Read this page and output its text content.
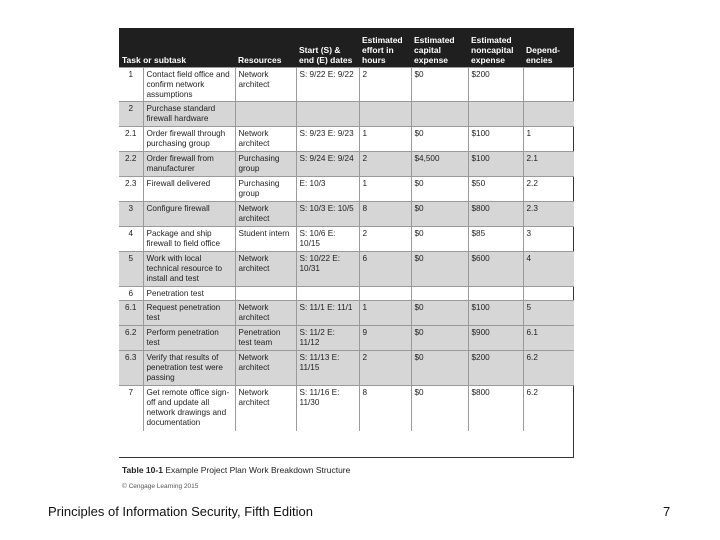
Task or subtask		Resources	Start (S) & end (E) dates	Estimated effort in hours	Estimated capital expense	Estimated noncapital expense	Depend-encies
1	Contact field office and confirm network assumptions	Network architect	S: 9/22 E: 9/22	2	$0	$200	
2	Purchase standard firewall hardware						
2.1	Order firewall through purchasing group	Network architect	S: 9/23 E: 9/23	1	$0	$100	1
2.2	Order firewall from manufacturer	Purchasing group	S: 9/24 E: 9/24	2	$4,500	$100	2.1
2.3	Firewall delivered	Purchasing group	E: 10/3	1	$0	$50	2.2
3	Configure firewall	Network architect	S: 10/3 E: 10/5	8	$0	$800	2.3
4	Package and ship firewall to field office	Student intern	S: 10/6 E: 10/15	2	$0	$85	3
5	Work with local technical resource to install and test	Network architect	S: 10/22 E: 10/31	6	$0	$600	4
6	Penetration test						
6.1	Request penetration test	Network architect	S: 11/1 E: 11/1	1	$0	$100	5
6.2	Perform penetration test	Penetration test team	S: 11/2 E: 11/12	9	$0	$900	6.1
6.3	Verify that results of penetration test were passing	Network architect	S: 11/13 E: 11/15	2	$0	$200	6.2
7	Get remote office sign-off and update all network drawings and documentation	Network architect	S: 11/16 E: 11/30	8	$0	$800	6.2
Table 10-1 Example Project Plan Work Breakdown Structure
© Cengage Learning 2015
Principles of Information Security, Fifth Edition	7
